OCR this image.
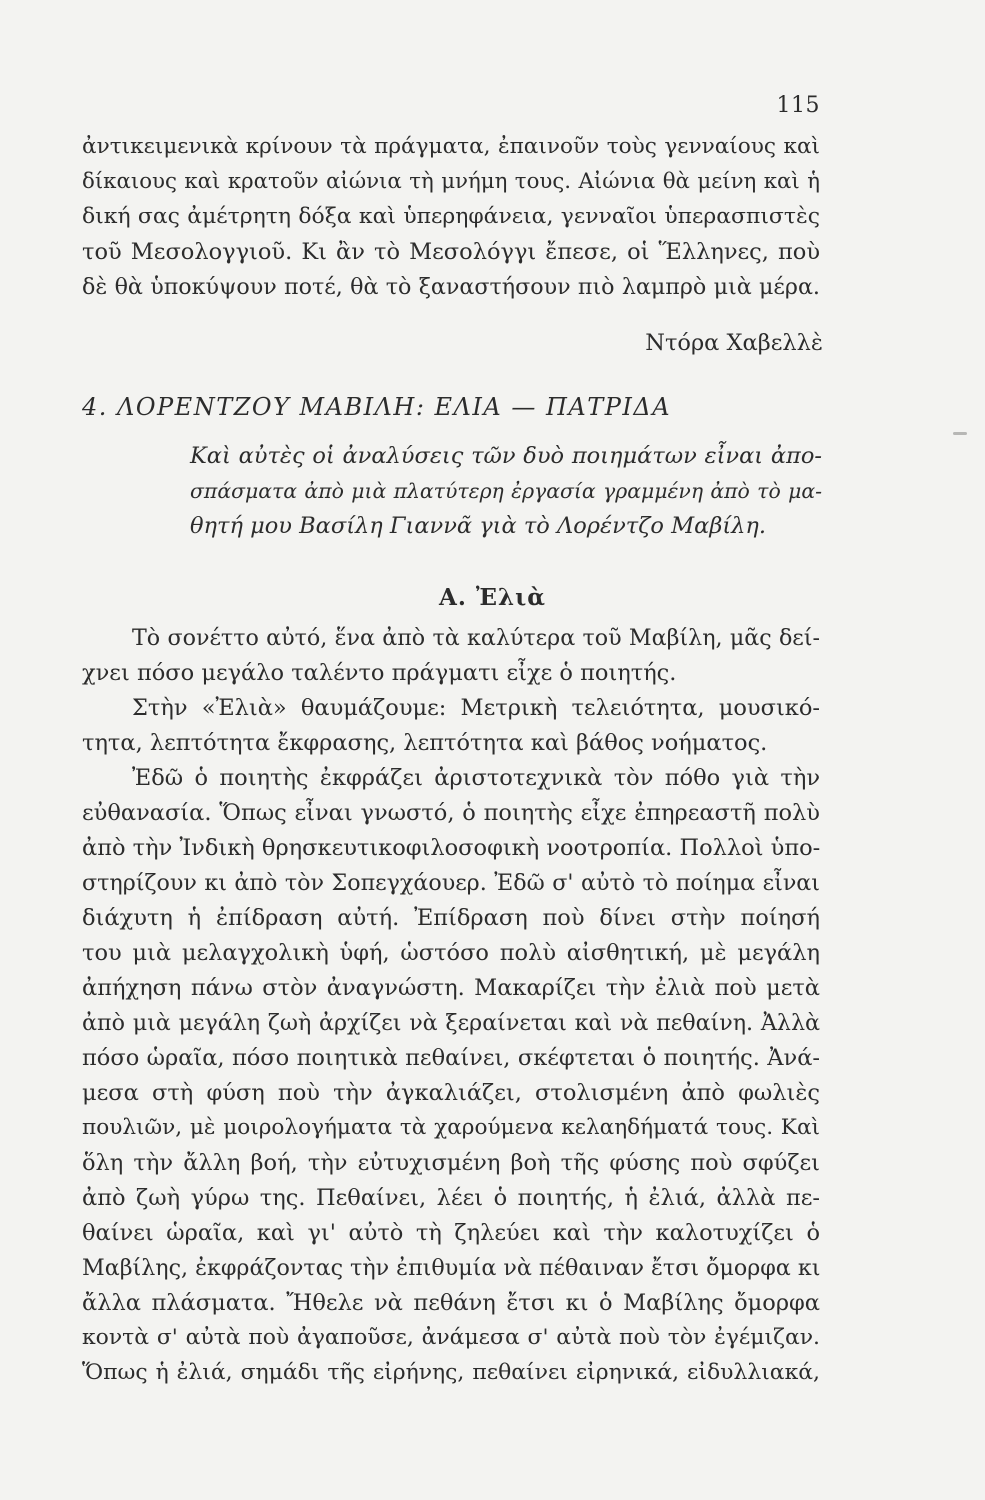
115
ἀντικειμενικὰ κρίνουν τὰ πράγματα, ἐπαινοῦν τοὺς γενναίους καὶ
δίκαιους καὶ κρατοῦν αἰώνια τὴ μνήμη τους. Αἰώνια θὰ μείνη καὶ ἡ
δική σας ἀμέτρητη δόξα καὶ ὑπερηφάνεια, γενναῖοι ὑπερασπιστὲς
τοῦ Μεσολογγιοῦ. Κι ἂν τὸ Μεσολόγγι ἔπεσε, οἱ Ἕλληνες, ποὺ
δὲ θὰ ὑποκύψουν ποτέ, θὰ τὸ ξαναστήσουν πιὸ λαμπρὸ μιὰ μέρα.
Ντόρα Χαβελλὲ
4. ΛΟΡΕΝΤΖΟΥ ΜΑΒΙΛΗ: ΕΛΙΑ — ΠΑΤΡΙΔΑ
Καὶ αὐτὲς οἱ ἀναλύσεις τῶν δυὸ ποιημάτων εἶναι ἀπο-
σπάσματα ἀπὸ μιὰ πλατύτερη ἐργασία γραμμένη ἀπὸ τὸ μα-
θητή μου Βασίλη Γιαννᾶ γιὰ τὸ Λορέντζο Μαβίλη.
Α. Ἐλιὰ
Τὸ σονέττο αὐτό, ἕνα ἀπὸ τὰ καλύτερα τοῦ Μαβίλη, μᾶς δεί-
χνει πόσο μεγάλο ταλέντο πράγματι εἶχε ὁ ποιητής.
Στὴν «Ἐλιὰ» θαυμάζουμε: Μετρικὴ τελειότητα, μουσικό-
τητα, λεπτότητα ἔκφρασης, λεπτότητα καὶ βάθος νοήματος.
Ἐδῶ ὁ ποιητὴς ἐκφράζει ἀριστοτεχνικὰ τὸν πόθο γιὰ τὴν
εὐθανασία. Ὅπως εἶναι γνωστό, ὁ ποιητὴς εἶχε ἐπηρεαστῆ πολὺ
ἀπὸ τὴν Ἰνδικὴ θρησκευτικοφιλοσοφικὴ νοοτροπία. Πολλοὶ ὑπο-
στηρίζουν κι ἀπὸ τὸν Σοπεγχάουερ. Ἐδῶ σ' αὐτὸ τὸ ποίημα εἶναι
διάχυτη ἡ ἐπίδραση αὐτή. Ἐπίδραση ποὺ δίνει στὴν ποίησή
του μιὰ μελαγχολικὴ ὑφή, ὡστόσο πολὺ αἰσθητική, μὲ μεγάλη
ἀπήχηση πάνω στὸν ἀναγνώστη. Μακαρίζει τὴν ἐλιὰ ποὺ μετὰ
ἀπὸ μιὰ μεγάλη ζωὴ ἀρχίζει νὰ ξεραίνεται καὶ νὰ πεθαίνη. Ἀλλὰ
πόσο ὡραῖα, πόσο ποιητικὰ πεθαίνει, σκέφτεται ὁ ποιητής. Ἀνά-
μεσα στὴ φύση ποὺ τὴν ἀγκαλιάζει, στολισμένη ἀπὸ φωλιὲς
πουλιῶν, μὲ μοιρολογήματα τὰ χαρούμενα κελαηδήματά τους. Καὶ
ὅλη τὴν ἄλλη βοή, τὴν εὐτυχισμένη βοὴ τῆς φύσης ποὺ σφύζει
ἀπὸ ζωὴ γύρω της. Πεθαίνει, λέει ὁ ποιητής, ἡ ἐλιά, ἀλλὰ πε-
θαίνει ὡραῖα, καὶ γι' αὐτὸ τὴ ζηλεύει καὶ τὴν καλοτυχίζει ὁ
Μαβίλης, ἐκφράζοντας τὴν ἐπιθυμία νὰ πέθαιναν ἔτσι ὄμορφα κι
ἄλλα πλάσματα. Ἤθελε νὰ πεθάνη ἔτσι κι ὁ Μαβίλης ὄμορφα
κοντὰ σ' αὐτὰ ποὺ ἀγαποῦσε, ἀνάμεσα σ' αὐτὰ ποὺ τὸν ἐγέμιζαν.
Ὅπως ἡ ἐλιά, σημάδι τῆς εἰρήνης, πεθαίνει εἰρηνικά, εἰδυλλιακά,
